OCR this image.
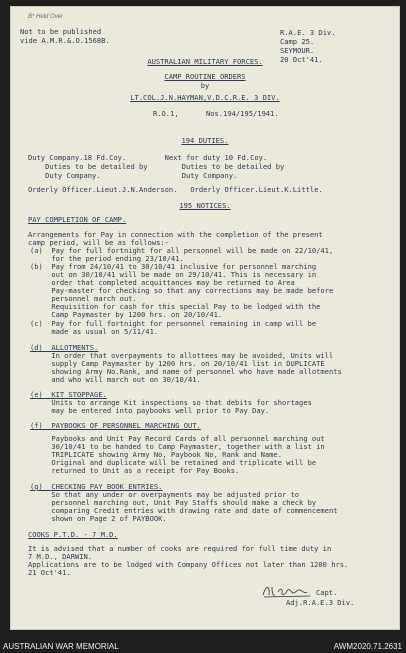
B* Held Over
Not to be published
vide A.M.R.&.O.1568B.
R.A.E. 3 Div.
Camp 25.
SEYMOUR.
20 Oct'41.
AUSTRALIAN MILITARY FORCES.
CAMP ROUTINE ORDERS
by
LT.COL.J.N.HAYMAN,V.D.C.R.E. 3 DIV.
R.O.1,	Nos.194/195/1941.
194 DUTIES.
Duty Company.18 Fd.Coy.         Next for duty 10 Fd.Coy.
Duties to be detailed by        Duties to be detailed by
Duty Company.                   Duty Company.
Orderly Officer.Lieut.J.N.Anderson.   Orderly Officer.Lieut.K.Little.
195 NOTICES.
PAY COMPLETION OF CAMP.
Arrangements for Pay in connection with the completion of the present
camp period, will be as follows:-
(a)  Pay for full fortnight for all personnel will be made on 22/10/41,
for the period ending 23/10/41.
(b)  Pay from 24/10/41 to 30/10/41 inclusive for personnel marching
out on 30/10/41 will be made on 29/10/41. This is necessary in
order that completed acquittances may be returned to Area
Pay-master for checking so that any corrections may be made before
personnel march out.
Requisition for cash for this special Pay to be lodged with the
Camp Paymaster by 1200 hrs. on 20/10/41.
(c)  Pay for full fortnight for personnel remaining in camp will be
made as usual on 5/11/41.
(d)  ALLOTMENTS.
In order that overpayments to allottees may be avoided, Units will
supply Camp Paymaster by 1200 hrs. on 20/10/41 list in DUPLICATE
showing Army No.Rank, and name of personnel who have made allotments
and who will march out on 30/10/41.
(e)  KIT STOPPAGE.
Units to arrange Kit inspections so that debits for shortages
may be entered into paybooks well prior to Pay Day.
(f)  PAYBOOKS OF PERSONNEL MARCHING OUT.
Paybooks and Unit Pay Record Cards of all personnel marching out
30/10/41 to be handed to Camp Paymaster, together with a list in
TRIPLICATE showing Army No, Paybook No, Rank and Name.
Original and duplicate will be retained and triplicate will be
returned to Unit as a receipt for Pay Books.
(g)  CHECKING PAY BOOK ENTRIES.
So that any under or overpayments may be adjusted prior to
personnel marching out, Unit Pay Staffs should make a check by
comparing Credit entries with drawing rate and date of commencement
shown on Page 2 of PAYBOOK.
COOKS P.T.D. - 7 M.D.
It is advised that a number of cooks are required for full time duty in
7 M.D., DARWIN.
Applications are to be lodged with Company Offices not later than 1200 hrs.
21 Oct'41.
Capt.
Adj.R.A.E.3 Div.
AUSTRALIAN WAR MEMORIAL	AWM2020.71.2631
